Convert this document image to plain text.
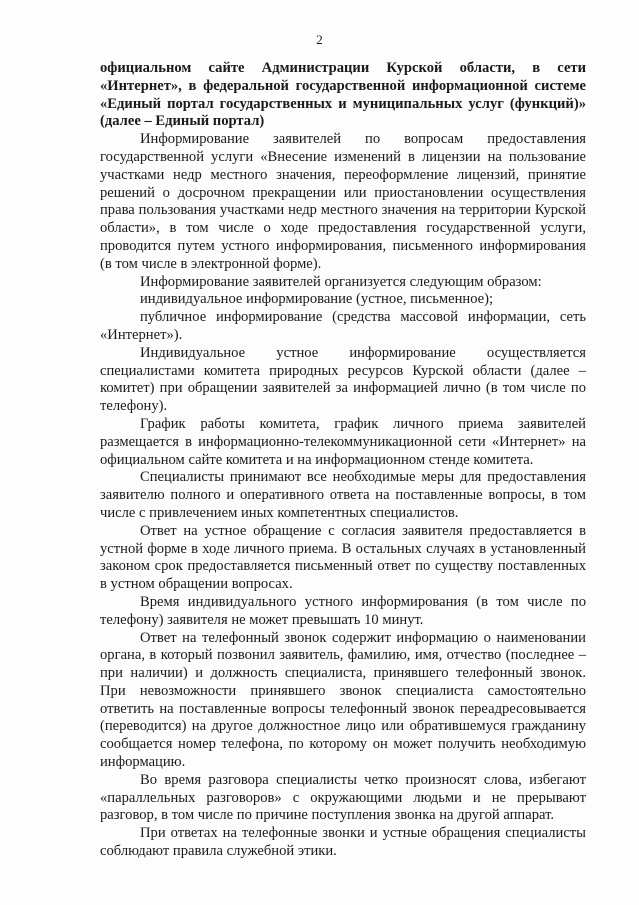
2

официальном сайте Администрации Курской области, в сети «Интернет», в федеральной государственной информационной системе «Единый портал государственных и муниципальных услуг (функций)» (далее – Единый портал)

Информирование заявителей по вопросам предоставления государственной услуги «Внесение изменений в лицензии на пользование участками недр местного значения, переоформление лицензий, принятие решений о досрочном прекращении или приостановлении осуществления права пользования участками недр местного значения на территории Курской области», в том числе о ходе предоставления государственной услуги, проводится путем устного информирования, письменного информирования (в том числе в электронной форме).

Информирование заявителей организуется следующим образом:

индивидуальное информирование (устное, письменное);

публичное информирование (средства массовой информации, сеть «Интернет»).

Индивидуальное устное информирование осуществляется специалистами комитета природных ресурсов Курской области (далее – комитет) при обращении заявителей за информацией лично (в том числе по телефону).

График работы комитета, график личного приема заявителей размещается в информационно-телекоммуникационной сети «Интернет» на официальном сайте комитета и на информационном стенде комитета.

Специалисты принимают все необходимые меры для предоставления заявителю полного и оперативного ответа на поставленные вопросы, в том числе с привлечением иных компетентных специалистов.

Ответ на устное обращение с согласия заявителя предоставляется в устной форме в ходе личного приема. В остальных случаях в установленный законом срок предоставляется письменный ответ по существу поставленных в устном обращении вопросах.

Время индивидуального устного информирования (в том числе по телефону) заявителя не может превышать 10 минут.

Ответ на телефонный звонок содержит информацию о наименовании органа, в который позвонил заявитель, фамилию, имя, отчество (последнее – при наличии) и должность специалиста, принявшего телефонный звонок. При невозможности принявшего звонок специалиста самостоятельно ответить на поставленные вопросы телефонный звонок переадресовывается (переводится) на другое должностное лицо или обратившемуся гражданину сообщается номер телефона, по которому он может получить необходимую информацию.

Во время разговора специалисты четко произносят слова, избегают «параллельных разговоров» с окружающими людьми и не прерывают разговор, в том числе по причине поступления звонка на другой аппарат.

При ответах на телефонные звонки и устные обращения специалисты соблюдают правила служебной этики.
